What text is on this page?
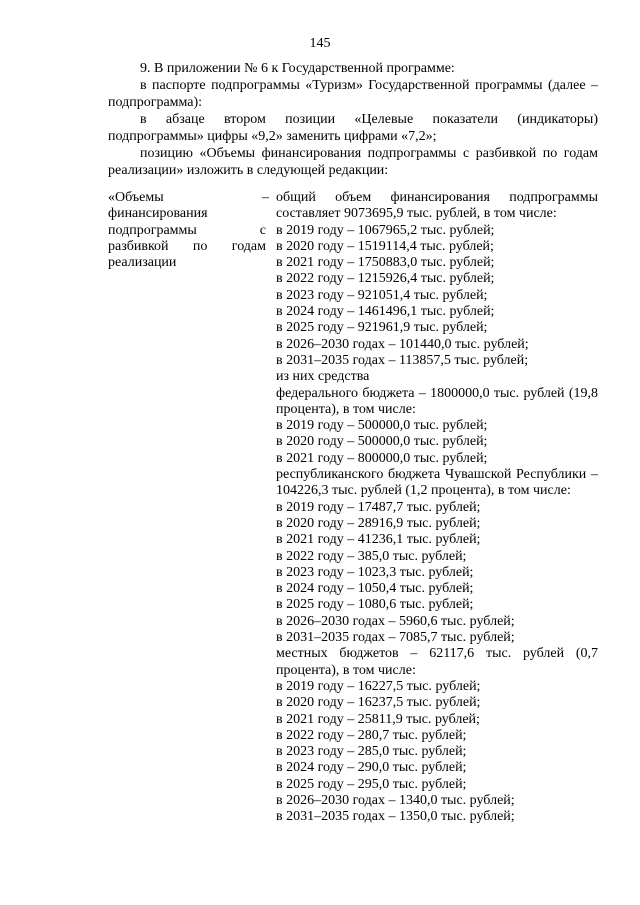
145

9. В приложении № 6 к Государственной программе:

в паспорте подпрограммы «Туризм» Государственной программы (далее – подпрограмма):

в абзаце втором позиции «Целевые показатели (индикаторы) подпрограммы» цифры «9,2» заменить цифрами «7,2»;

позицию «Объемы финансирования подпрограммы с разбивкой по годам реализации» изложить в следующей редакции:

«Объемы финансирования подпрограммы с разбивкой по годам реализации
– общий объем финансирования подпрограммы составляет 9073695,9 тыс. рублей, в том числе:
в 2019 году – 1067965,2 тыс. рублей;
в 2020 году – 1519114,4 тыс. рублей;
в 2021 году – 1750883,0 тыс. рублей;
в 2022 году – 1215926,4 тыс. рублей;
в 2023 году – 921051,4 тыс. рублей;
в 2024 году – 1461496,1 тыс. рублей;
в 2025 году – 921961,9 тыс. рублей;
в 2026–2030 годах – 101440,0 тыс. рублей;
в 2031–2035 годах – 113857,5 тыс. рублей;
из них средства
федерального бюджета – 1800000,0 тыс. рублей (19,8 процента), в том числе:
в 2019 году – 500000,0 тыс. рублей;
в 2020 году – 500000,0 тыс. рублей;
в 2021 году – 800000,0 тыс. рублей;
республиканского бюджета Чувашской Республики – 104226,3 тыс. рублей (1,2 процента), в том числе:
в 2019 году – 17487,7 тыс. рублей;
в 2020 году – 28916,9 тыс. рублей;
в 2021 году – 41236,1 тыс. рублей;
в 2022 году – 385,0 тыс. рублей;
в 2023 году – 1023,3 тыс. рублей;
в 2024 году – 1050,4 тыс. рублей;
в 2025 году – 1080,6 тыс. рублей;
в 2026–2030 годах – 5960,6 тыс. рублей;
в 2031–2035 годах – 7085,7 тыс. рублей;
местных бюджетов – 62117,6 тыс. рублей (0,7 процента), в том числе:
в 2019 году – 16227,5 тыс. рублей;
в 2020 году – 16237,5 тыс. рублей;
в 2021 году – 25811,9 тыс. рублей;
в 2022 году – 280,7 тыс. рублей;
в 2023 году – 285,0 тыс. рублей;
в 2024 году – 290,0 тыс. рублей;
в 2025 году – 295,0 тыс. рублей;
в 2026–2030 годах – 1340,0 тыс. рублей;
в 2031–2035 годах – 1350,0 тыс. рублей;
